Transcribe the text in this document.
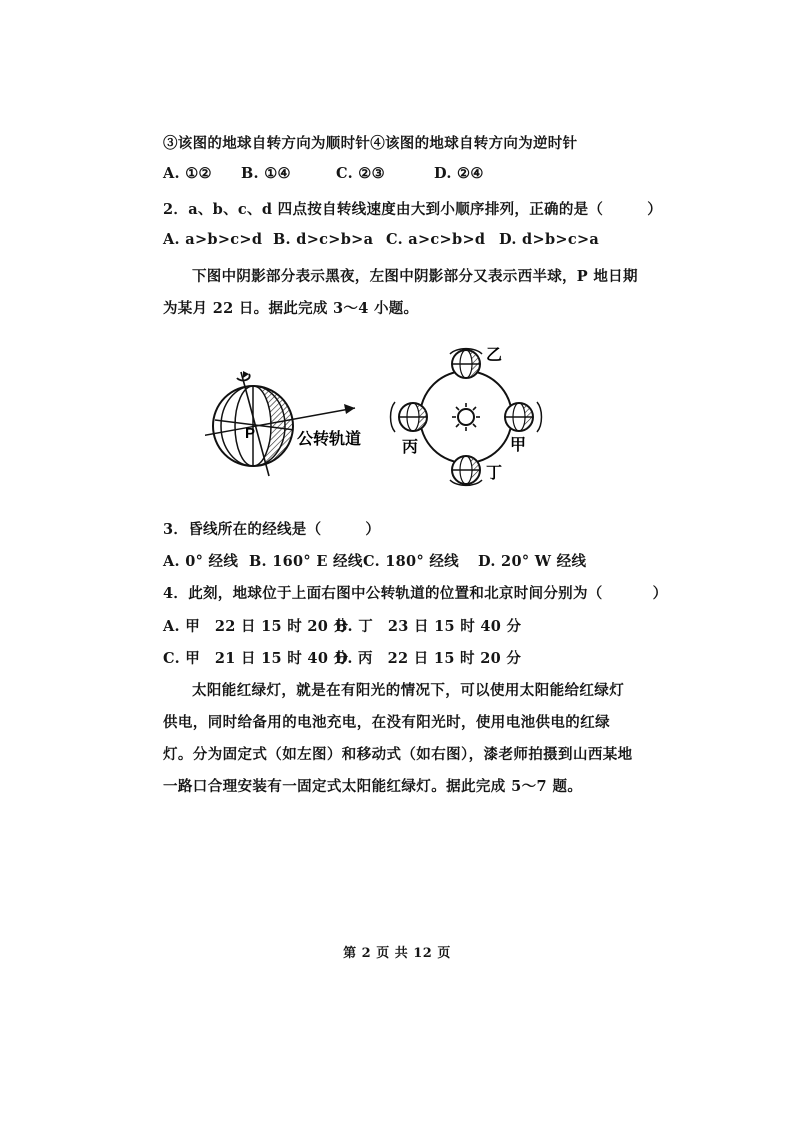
③该图的地球自转方向为顺时针④该图的地球自转方向为逆时针
A. ①② B. ①④	C. ②③	D. ②④
2．a、b、c、d 四点按自转线速度由大到小顺序排列，正确的是（	）
A. a>b>c>d B. d>c>b>a C. a>c>b>d D. d>b>c>a
下图中阴影部分表示黑夜，左图中阴影部分又表示西半球，P 地日期
为某月 22 日。据此完成 3～4 小题。
P	公转轨道
乙
甲
丁
丙
3．昏线所在的经线是（	）
A. 0° 经线 B. 160° E 经线C. 180° 经线 D. 20° W 经线
4．此刻，地球位于上面右图中公转轨道的位置和北京时间分别为（	）
A. 甲　22 日 15 时 20 分B. 丁　23 日 15 时 40 分
C. 甲　21 日 15 时 40 分D. 丙　22 日 15 时 20 分
太阳能红绿灯，就是在有阳光的情况下，可以使用太阳能给红绿灯供电，同时给备用的电池充电，在没有阳光时，使用电池供电的红绿灯。分为固定式（如左图）和移动式（如右图），漆老师拍摄到山西某地一路口合理安装有一固定式太阳能红绿灯。据此完成 5～7 题。
第 2 页 共 12 页
